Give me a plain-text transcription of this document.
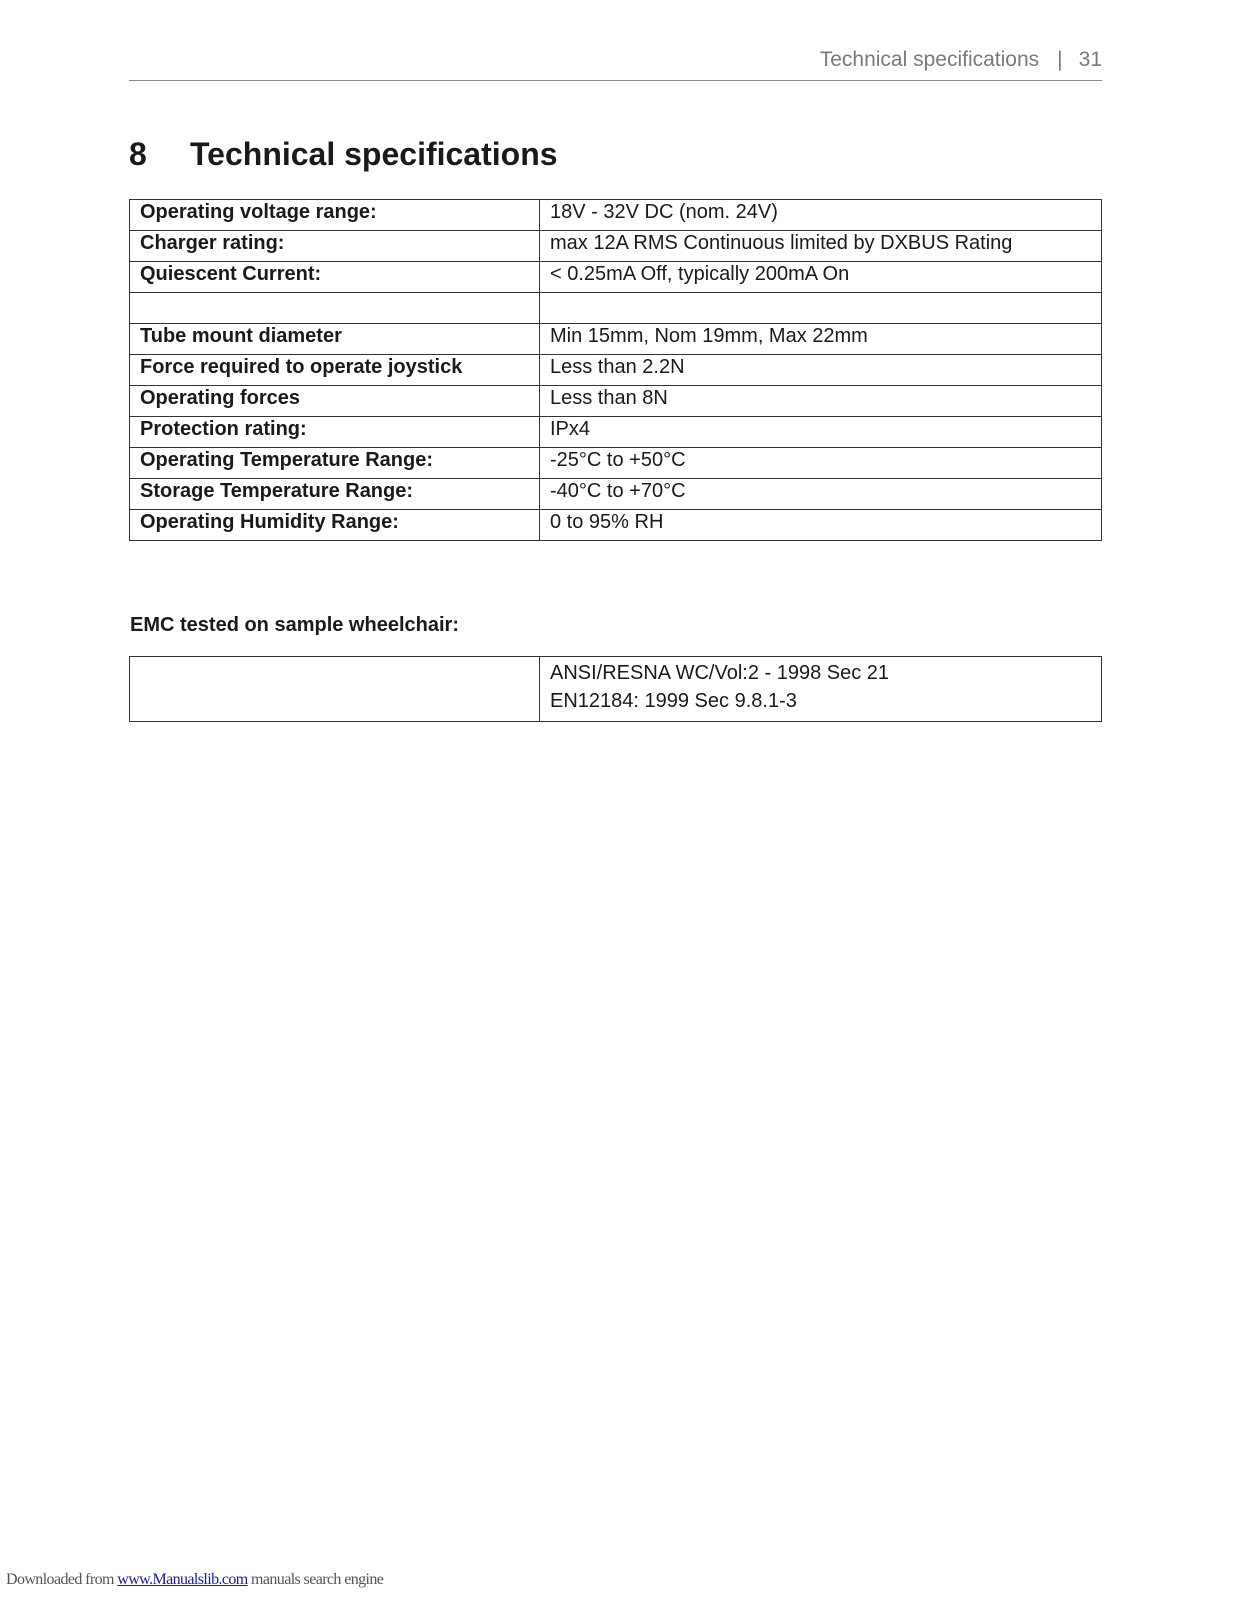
Technical specifications | 31
8 Technical specifications
Operating voltage range:	18V - 32V DC (nom. 24V)
Charger rating:	max 12A RMS Continuous limited by DXBUS Rating
Quiescent Current:	< 0.25mA Off, typically 200mA On

Tube mount diameter	Min 15mm, Nom 19mm, Max 22mm
Force required to operate joystick	Less than 2.2N
Operating forces	Less than 8N
Protection rating:	IPx4
Operating Temperature Range:	-25°C to +50°C
Storage Temperature Range:	-40°C to +70°C
Operating Humidity Range:	0 to 95% RH
EMC tested on sample wheelchair:

ANSI/RESNA WC/Vol:2 - 1998 Sec 21
EN12184: 1999 Sec 9.8.1-3
Downloaded from www.Manualslib.com manuals search engine
